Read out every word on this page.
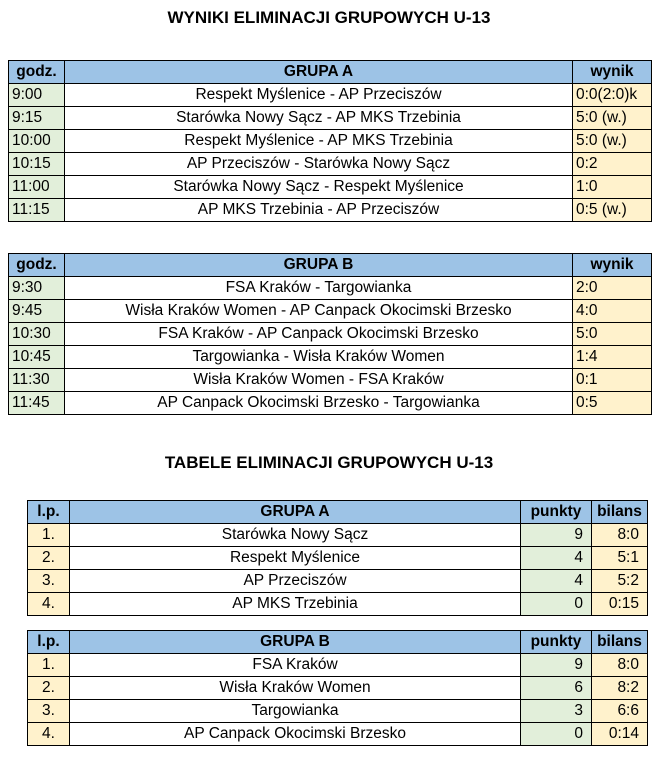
WYNIKI ELIMINACJI GRUPOWYCH U-13
godz.	GRUPA A	wynik
9:00	Respekt Myślenice - AP Przeciszów	0:0(2:0)k
9:15	Starówka Nowy Sącz - AP MKS Trzebinia	5:0 (w.)
10:00	Respekt Myślenice - AP MKS Trzebinia	5:0 (w.)
10:15	AP Przeciszów - Starówka Nowy Sącz	0:2
11:00	Starówka Nowy Sącz - Respekt Myślenice	1:0
11:15	AP MKS Trzebinia - AP Przeciszów	0:5 (w.)
godz.	GRUPA B	wynik
9:30	FSA Kraków - Targowianka	2:0
9:45	Wisła Kraków Women - AP Canpack Okocimski Brzesko	4:0
10:30	FSA Kraków - AP Canpack Okocimski Brzesko	5:0
10:45	Targowianka - Wisła Kraków Women	1:4
11:30	Wisła Kraków Women - FSA Kraków	0:1
11:45	AP Canpack Okocimski Brzesko - Targowianka	0:5
TABELE ELIMINACJI GRUPOWYCH U-13
l.p.	GRUPA A	punkty	bilans
1.	Starówka Nowy Sącz	9	8:0
2.	Respekt Myślenice	4	5:1
3.	AP Przeciszów	4	5:2
4.	AP MKS Trzebinia	0	0:15
l.p.	GRUPA B	punkty	bilans
1.	FSA Kraków	9	8:0
2.	Wisła Kraków Women	6	8:2
3.	Targowianka	3	6:6
4.	AP Canpack Okocimski Brzesko	0	0:14
